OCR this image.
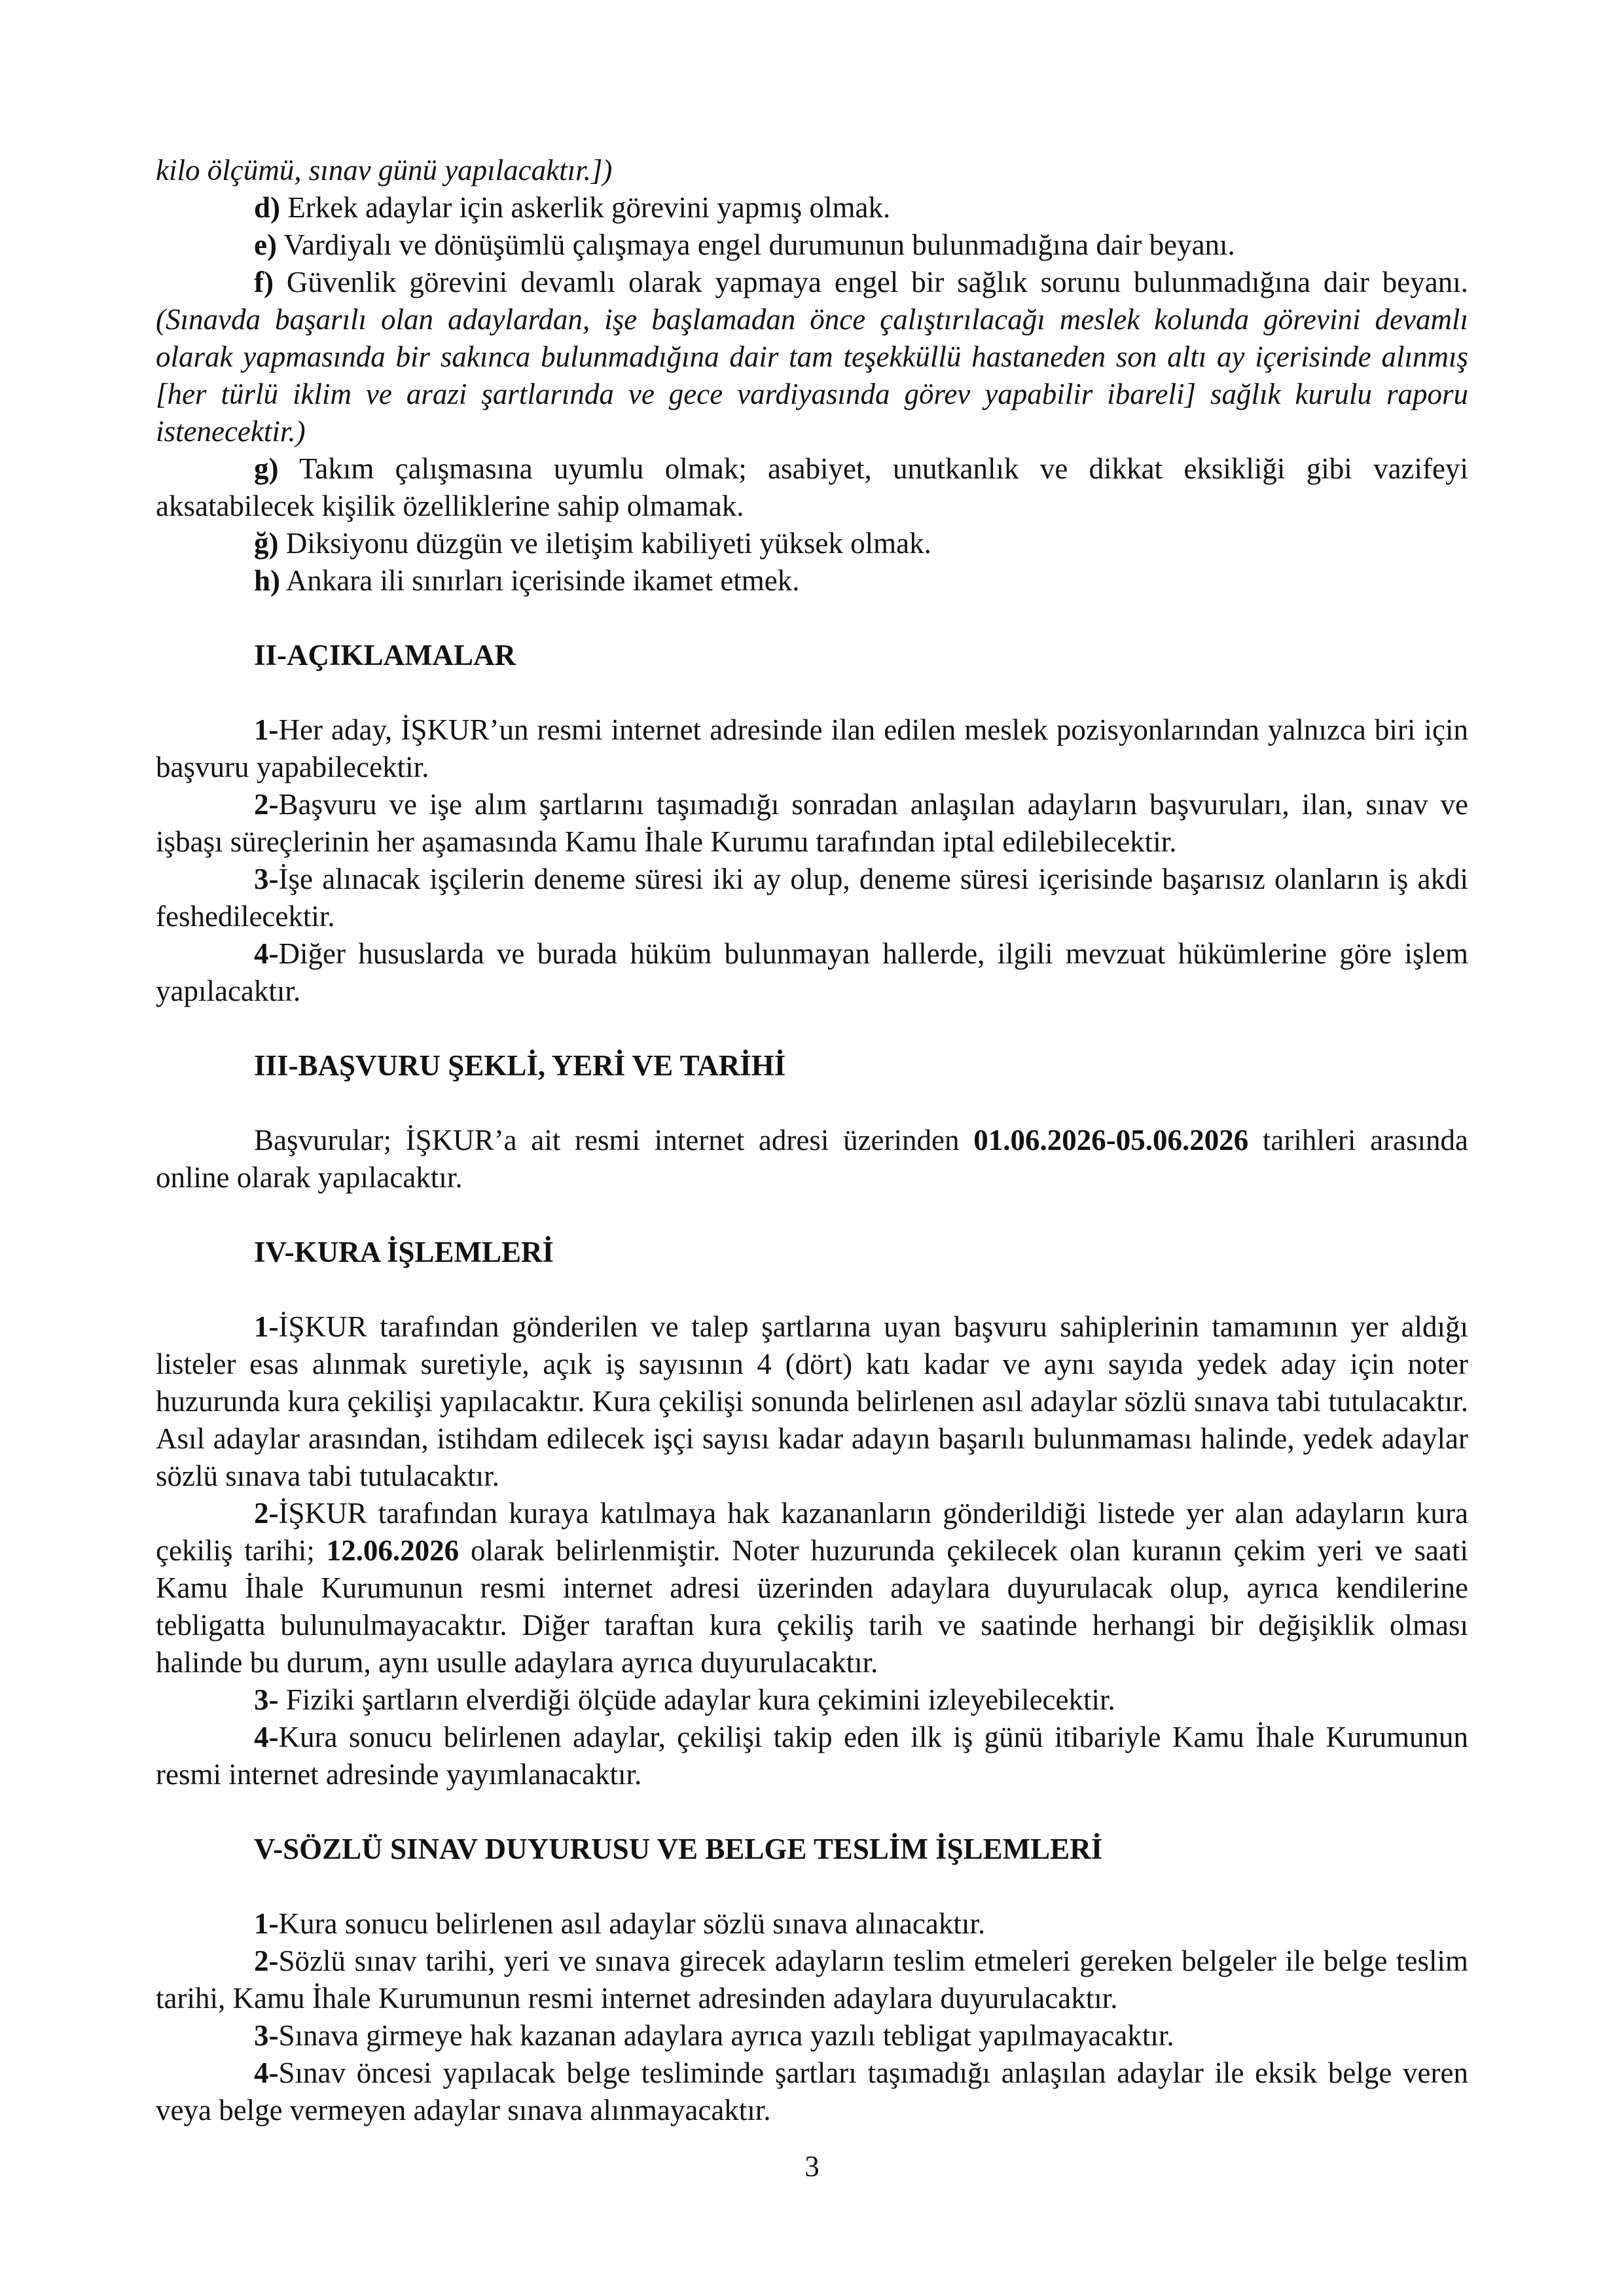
kilo ölçümü, sınav günü yapılacaktır.])

d) Erkek adaylar için askerlik görevini yapmış olmak.

e) Vardiyalı ve dönüşümlü çalışmaya engel durumunun bulunmadığına dair beyanı.

f) Güvenlik görevini devamlı olarak yapmaya engel bir sağlık sorunu bulunmadığına dair beyanı. (Sınavda başarılı olan adaylardan, işe başlamadan önce çalıştırılacağı meslek kolunda görevini devamlı olarak yapmasında bir sakınca bulunmadığına dair tam teşekküllü hastaneden son altı ay içerisinde alınmış [her türlü iklim ve arazi şartlarında ve gece vardiyasında görev yapabilir ibareli] sağlık kurulu raporu istenecektir.)

g) Takım çalışmasına uyumlu olmak; asabiyet, unutkanlık ve dikkat eksikliği gibi vazifeyi aksatabilecek kişilik özelliklerine sahip olmamak.

ğ) Diksiyonu düzgün ve iletişim kabiliyeti yüksek olmak.

h) Ankara ili sınırları içerisinde ikamet etmek.

II-AÇIKLAMALAR

1-Her aday, İŞKUR’un resmi internet adresinde ilan edilen meslek pozisyonlarından yalnızca biri için başvuru yapabilecektir.

2-Başvuru ve işe alım şartlarını taşımadığı sonradan anlaşılan adayların başvuruları, ilan, sınav ve işbaşı süreçlerinin her aşamasında Kamu İhale Kurumu tarafından iptal edilebilecektir.

3-İşe alınacak işçilerin deneme süresi iki ay olup, deneme süresi içerisinde başarısız olanların iş akdi feshedilecektir.

4-Diğer hususlarda ve burada hüküm bulunmayan hallerde, ilgili mevzuat hükümlerine göre işlem yapılacaktır.

III-BAŞVURU ŞEKLİ, YERİ VE TARİHİ

Başvurular; İŞKUR’a ait resmi internet adresi üzerinden 01.06.2026-05.06.2026 tarihleri arasında online olarak yapılacaktır.

IV-KURA İŞLEMLERİ

1-İŞKUR tarafından gönderilen ve talep şartlarına uyan başvuru sahiplerinin tamamının yer aldığı listeler esas alınmak suretiyle, açık iş sayısının 4 (dört) katı kadar ve aynı sayıda yedek aday için noter huzurunda kura çekilişi yapılacaktır. Kura çekilişi sonunda belirlenen asıl adaylar sözlü sınava tabi tutulacaktır. Asıl adaylar arasından, istihdam edilecek işçi sayısı kadar adayın başarılı bulunmaması halinde, yedek adaylar sözlü sınava tabi tutulacaktır.

2-İŞKUR tarafından kuraya katılmaya hak kazananların gönderildiği listede yer alan adayların kura çekiliş tarihi; 12.06.2026 olarak belirlenmiştir. Noter huzurunda çekilecek olan kuranın çekim yeri ve saati Kamu İhale Kurumunun resmi internet adresi üzerinden adaylara duyurulacak olup, ayrıca kendilerine tebligatta bulunulmayacaktır. Diğer taraftan kura çekiliş tarih ve saatinde herhangi bir değişiklik olması halinde bu durum, aynı usulle adaylara ayrıca duyurulacaktır.

3- Fiziki şartların elverdiği ölçüde adaylar kura çekimini izleyebilecektir.

4-Kura sonucu belirlenen adaylar, çekilişi takip eden ilk iş günü itibariyle Kamu İhale Kurumunun resmi internet adresinde yayımlanacaktır.

V-SÖZLÜ SINAV DUYURUSU VE BELGE TESLİM İŞLEMLERİ

1-Kura sonucu belirlenen asıl adaylar sözlü sınava alınacaktır.

2-Sözlü sınav tarihi, yeri ve sınava girecek adayların teslim etmeleri gereken belgeler ile belge teslim tarihi, Kamu İhale Kurumunun resmi internet adresinden adaylara duyurulacaktır.

3-Sınava girmeye hak kazanan adaylara ayrıca yazılı tebligat yapılmayacaktır.

4-Sınav öncesi yapılacak belge tesliminde şartları taşımadığı anlaşılan adaylar ile eksik belge veren veya belge vermeyen adaylar sınava alınmayacaktır.

3
